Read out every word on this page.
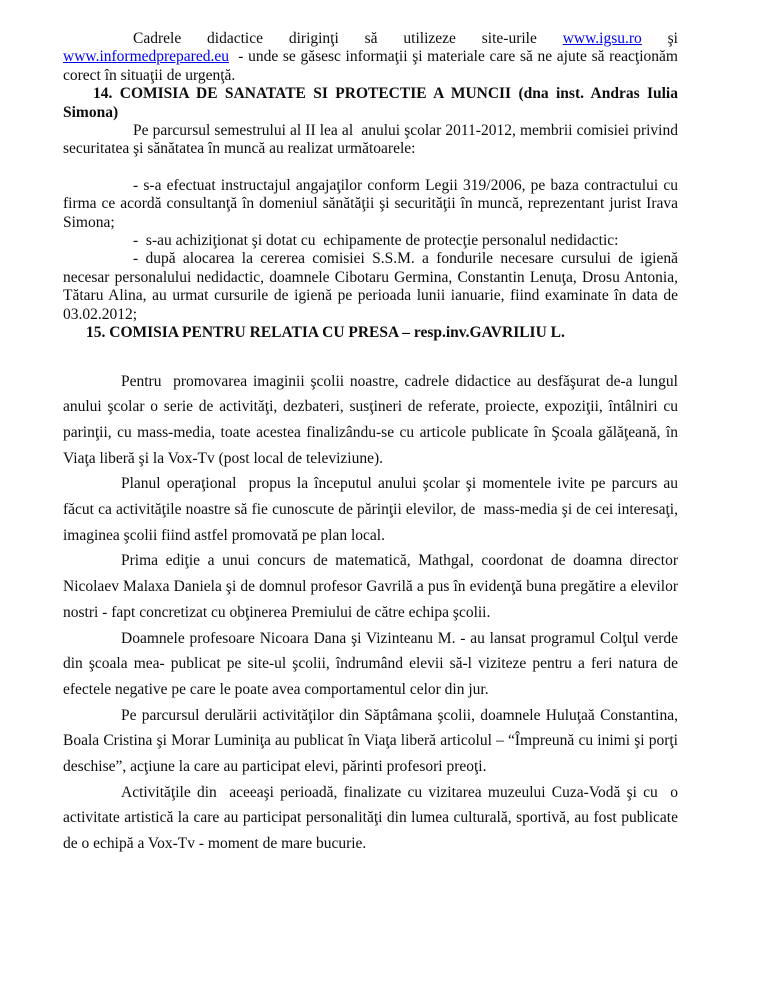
Cadrele didactice diriginţi să utilizeze site-urile www.igsu.ro şi www.informedprepared.eu  - unde se găsesc informaţii şi materiale care să ne ajute să reacţionăm corect în situaţii de urgenţă.

14. COMISIA DE SANATATE SI PROTECTIE A MUNCII (dna inst. Andras Iulia Simona)

Pe parcursul semestrului al II lea al  anului şcolar 2011-2012, membrii comisiei privind securitatea şi sănătatea în muncă au realizat următoarele:

- s-a efectuat instructajul angajaţilor conform Legii 319/2006, pe baza contractului cu firma ce acordă consultanţă în domeniul sănătăţii şi securităţii în muncă, reprezentant jurist Irava Simona;

-  s-au achiziţionat şi dotat cu  echipamente de protecţie personalul nedidactic:

- după alocarea la cererea comisiei S.S.M. a fondurile necesare cursului de igienă necesar personalului nedidactic, doamnele Cibotaru Germina, Constantin Lenuţa, Drosu Antonia, Tătaru Alina, au urmat cursurile de igienă pe perioada lunii ianuarie, fiind examinate în data de 03.02.2012;

15. COMISIA PENTRU RELATIA CU PRESA – resp.inv.GAVRILIU L.

Pentru  promovarea imaginii şcolii noastre, cadrele didactice au desfăşurat de-a lungul anului şcolar o serie de activităţi, dezbateri, susţineri de referate, proiecte, expoziţii, întâlniri cu parinţii, cu mass-media, toate acestea finalizându-se cu articole publicate în Şcoala gălăţeană, în Viaţa liberă şi la Vox-Tv (post local de televiziune).

Planul operaţional  propus la începutul anului şcolar şi momentele ivite pe parcurs au făcut ca activităţile noastre să fie cunoscute de părinţii elevilor, de  mass-media şi de cei interesaţi, imaginea şcolii fiind astfel promovată pe plan local.

Prima ediţie a unui concurs de matematică, Mathgal, coordonat de doamna director Nicolaev Malaxa Daniela şi de domnul profesor Gavrilă a pus în evidenţă buna pregătire a elevilor nostri - fapt concretizat cu obţinerea Premiului de către echipa şcolii.

Doamnele profesoare Nicoara Dana şi Vizinteanu M. - au lansat programul Colţul verde din şcoala mea- publicat pe site-ul şcolii, îndrumând elevii să-l viziteze pentru a feri natura de efectele negative pe care le poate avea comportamentul celor din jur.

Pe parcursul derulării activităţilor din Săptâmana şcolii, doamnele Huluţaă Constantina, Boala Cristina şi Morar Luminiţa au publicat în Viaţa liberă articolul – “Împreună cu inimi şi porţi deschise”, acţiune la care au participat elevi, părinti profesori preoţi.

Activităţile din  aceeaşi perioadă, finalizate cu vizitarea muzeului Cuza-Vodă şi cu  o activitate artistică la care au participat personalităţi din lumea culturală, sportivă, au fost publicate de o echipă a Vox-Tv - moment de mare bucurie.
